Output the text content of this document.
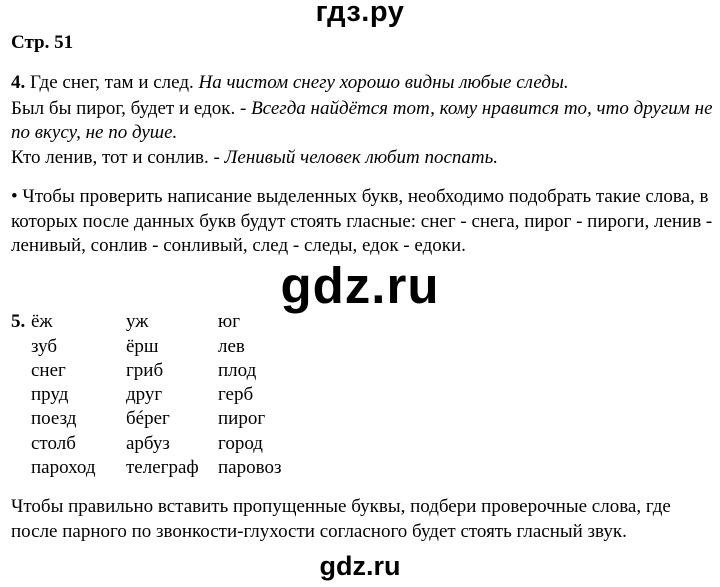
гдз.ру
Стр. 51
4. Где снег, там и след. На чистом снегу хорошо видны любые следы.
Был бы пирог, будет и едок. - Всегда найдётся тот, кому нравится то, что другим не
по вкусу, не по душе.
Кто ленив, тот и сонлив. - Ленивый человек любит поспать.
• Чтобы проверить написание выделенных букв, необходимо подобрать такие слова, в
которых после данных букв будут стоять гласные: снег - снега, пирог - пироги, ленив -
ленивый, сонлив - сонливый, след - следы, едок - едоки.
gdz.ru
5. ёж
зуб
снег
пруд
поезд
столб
пароход
уж
ёрш
гриб
друг
бéрег
арбуз
телеграф
юг
лев
плод
герб
пирог
город
паровоз
Чтобы правильно вставить пропущенные буквы, подбери проверочные слова, где
после парного по звонкости-глухости согласного будет стоять гласный звук.
gdz.ru
